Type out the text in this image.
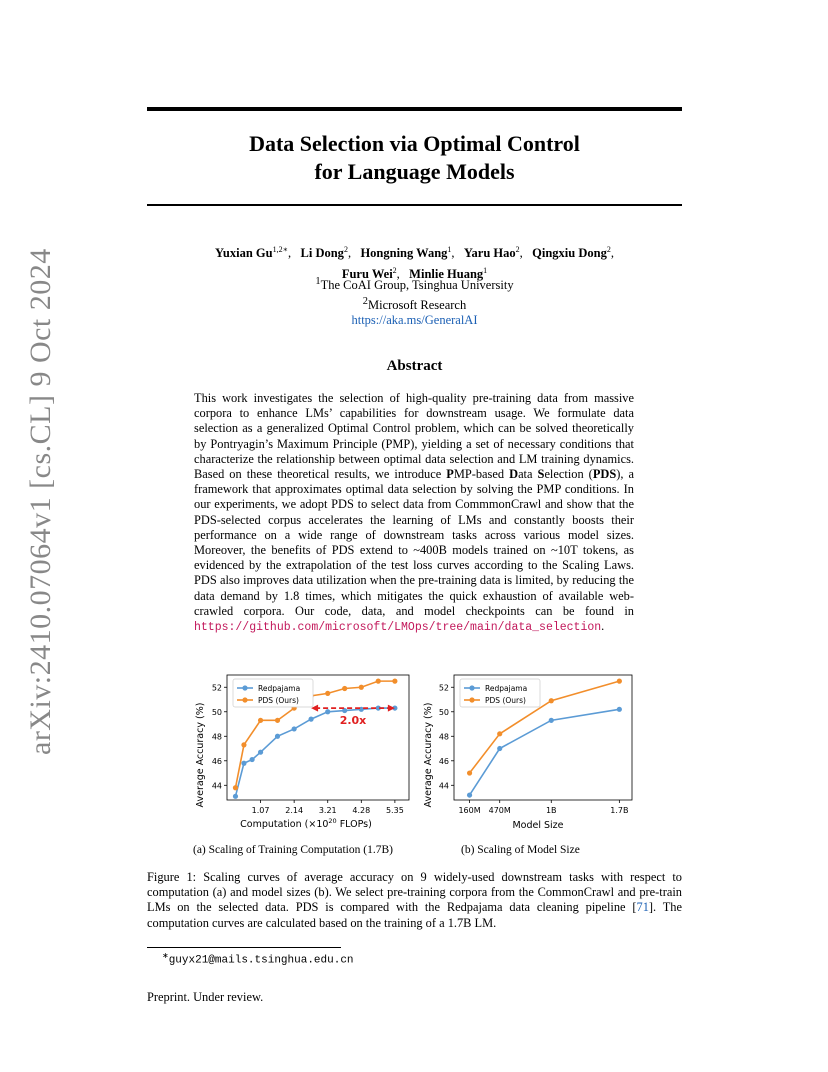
arXiv:2410.07064v1 [cs.CL] 9 Oct 2024
Data Selection via Optimal Control
for Language Models
Yuxian $Gu^{1,2∗}$,   Li Dong$^2$,   Hongning Wang$^1$,   Yaru Hao$^2$,   Qingxiu Dong$^2$,
Furu Wei$^2$,   Minlie Huang$^1$
$^1$The CoAI Group, Tsinghua University
$^2$Microsoft Research
https://aka.ms/GeneralAI
Abstract
This work investigates the selection of high-quality pre-training data from massive corpora to enhance LMs’ capabilities for downstream usage. We formulate data selection as a generalized Optimal Control problem, which can be solved theoretically by Pontryagin’s Maximum Principle (PMP), yielding a set of necessary conditions that characterize the relationship between optimal data selection and LM training dynamics. Based on these theoretical results, we introduce PMP-based Data Selection (PDS), a framework that approximates optimal data selection by solving the PMP conditions. In our experiments, we adopt PDS to select data from CommmonCrawl and show that the PDS-selected corpus accelerates the learning of LMs and constantly boosts their performance on a wide range of downstream tasks across various model sizes. Moreover, the benefits of PDS extend to ~400B models trained on ~10T tokens, as evidenced by the extrapolation of the test loss curves according to the Scaling Laws. PDS also improves data utilization when the pre-training data is limited, by reducing the data demand by 1.8 times, which mitigates the quick exhaustion of available web-crawled corpora. Our code, data, and model checkpoints can be found in https://github.com/microsoft/LMOps/tree/main/data_selection.
Average Accuracy (%)
Computation ($\times 10^{20}$ FLOPs)
44
46
48
50
52
1.07 2.14 3.21 4.28 5.35
Redpajama
PDS (Ours)
2.0x	Average Accuracy (%)
Model Size
44
46
48
50
52
160M 470M	1B	1.7B
Redpajama
PDS (Ours)
(a) Scaling of Training Computation (1.7B)	(b) Scaling of Model Size
Figure 1: Scaling curves of average accuracy on 9 widely-used downstream tasks with respect to computation (a) and model sizes (b). We select pre-training corpora from the CommonCrawl and pre-train LMs on the selected data. PDS is compared with the Redpajama data cleaning pipeline [71]. The computation curves are calculated based on the training of a 1.7B LM.
∗guyx21@mails.tsinghua.edu.cn
Preprint. Under review.
